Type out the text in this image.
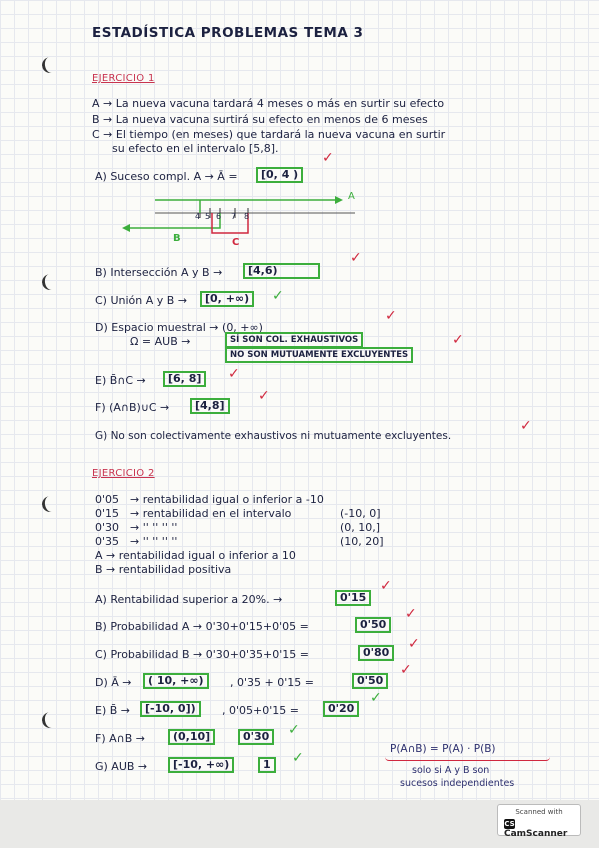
ESTADÍSTICA PROBLEMAS TEMA 3
EJERCICIO 1
A → La nueva vacuna tardará 4 meses o más en surtir su efecto
B → La nueva vacuna surtirá su efecto en menos de 6 meses
C → El tiempo (en meses) que tardará la nueva vacuna en surtir
su efecto en el intervalo [5,8].
A) Suceso compl. A → Ā =	[0, 4 )
✓
4 5 6 7 8
A
B	C
B) Intersección A y B →	[4,6)
✓
C) Unión A y B →	[0, +∞)	✓
D) Espacio muestral → (0, +∞)
✓
Ω = AUB →	SÍ SON COL. EXHAUSTIVOS
NO SON MUTUAMENTE EXCLUYENTES
✓
E) B̄∩C →	[6, 8]	✓
F) (A∩B)∪C →	[4,8]
✓
G) No son colectivamente exhaustivos ni mutuamente excluyentes.
✓
EJERCICIO 2
0'05 → rentabilidad igual o inferior a -10
0'15 → rentabilidad en el intervalo	(-10, 0]
0'30 → '' '' '' ''	(0, 10,]
0'35 → '' '' '' ''	(10, 20]
A → rentabilidad igual o inferior a 10
B → rentabilidad positiva
A) Rentabilidad superior a 20%. →	0'15
✓
B) Probabilidad A → 0'30+0'15+0'05 =	0'50
✓
C) Probabilidad B → 0'30+0'35+0'15 =	0'80
✓
D) Ā →	( 10, +∞)	, 0'35 + 0'15 =	0'50
✓
E) B̄ →	[-10, 0])	, 0'05+0'15 =	0'20
✓
F) A∩B →	(0,10]	0'30	✓
G) AUB →	[-10, +∞)	1	✓
P(A∩B) = P(A) · P(B)
solo si A y B son
sucesos independientes
Scanned with
CSCamScanner
